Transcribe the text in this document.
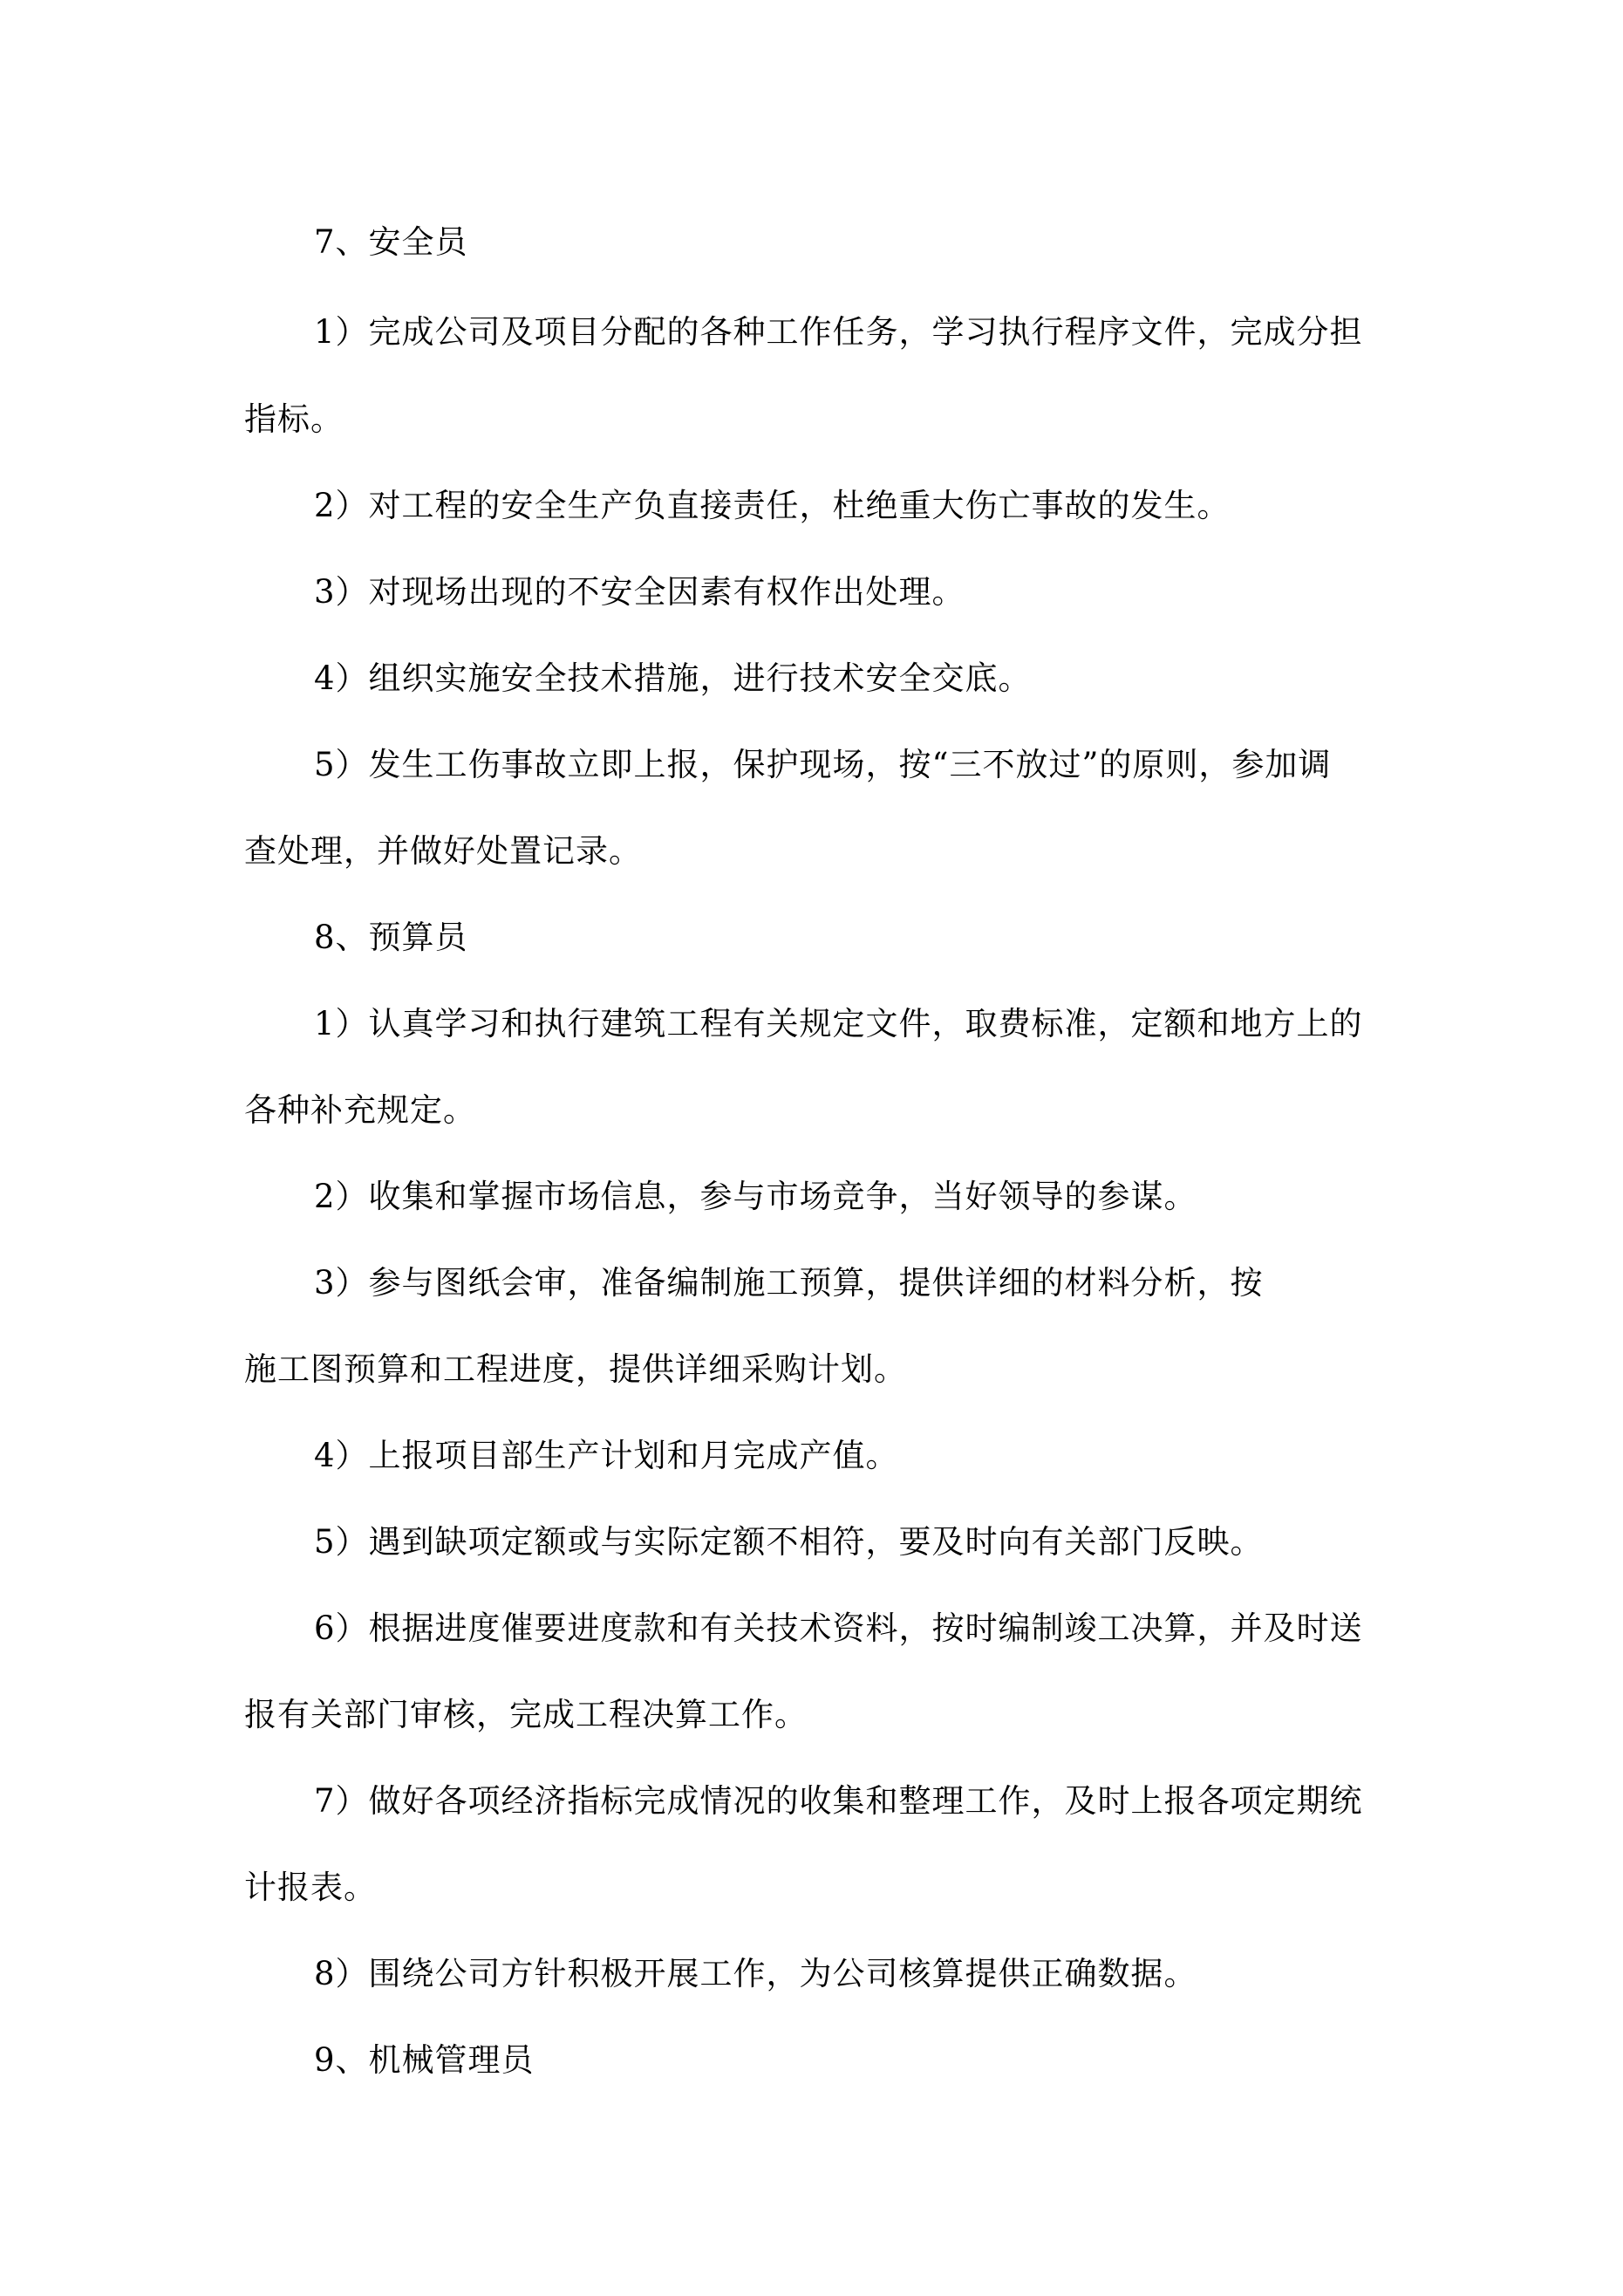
7、安全员
1）完成公司及项目分配的各种工作任务，学习执行程序文件，完成分担
指标。
2）对工程的安全生产负直接责任，杜绝重大伤亡事故的发生。
3）对现场出现的不安全因素有权作出处理。
4）组织实施安全技术措施，进行技术安全交底。
5）发生工伤事故立即上报，保护现场，按“三不放过”的原则，参加调
查处理，并做好处置记录。
8、预算员
1）认真学习和执行建筑工程有关规定文件，取费标准，定额和地方上的
各种补充规定。
2）收集和掌握市场信息，参与市场竞争，当好领导的参谋。
3）参与图纸会审，准备编制施工预算，提供详细的材料分析，按
施工图预算和工程进度，提供详细采购计划。
4）上报项目部生产计划和月完成产值。
5）遇到缺项定额或与实际定额不相符，要及时向有关部门反映。
6）根据进度催要进度款和有关技术资料，按时编制竣工决算，并及时送
报有关部门审核，完成工程决算工作。
7）做好各项经济指标完成情况的收集和整理工作，及时上报各项定期统
计报表。
8）围绕公司方针积极开展工作，为公司核算提供正确数据。
9、机械管理员
